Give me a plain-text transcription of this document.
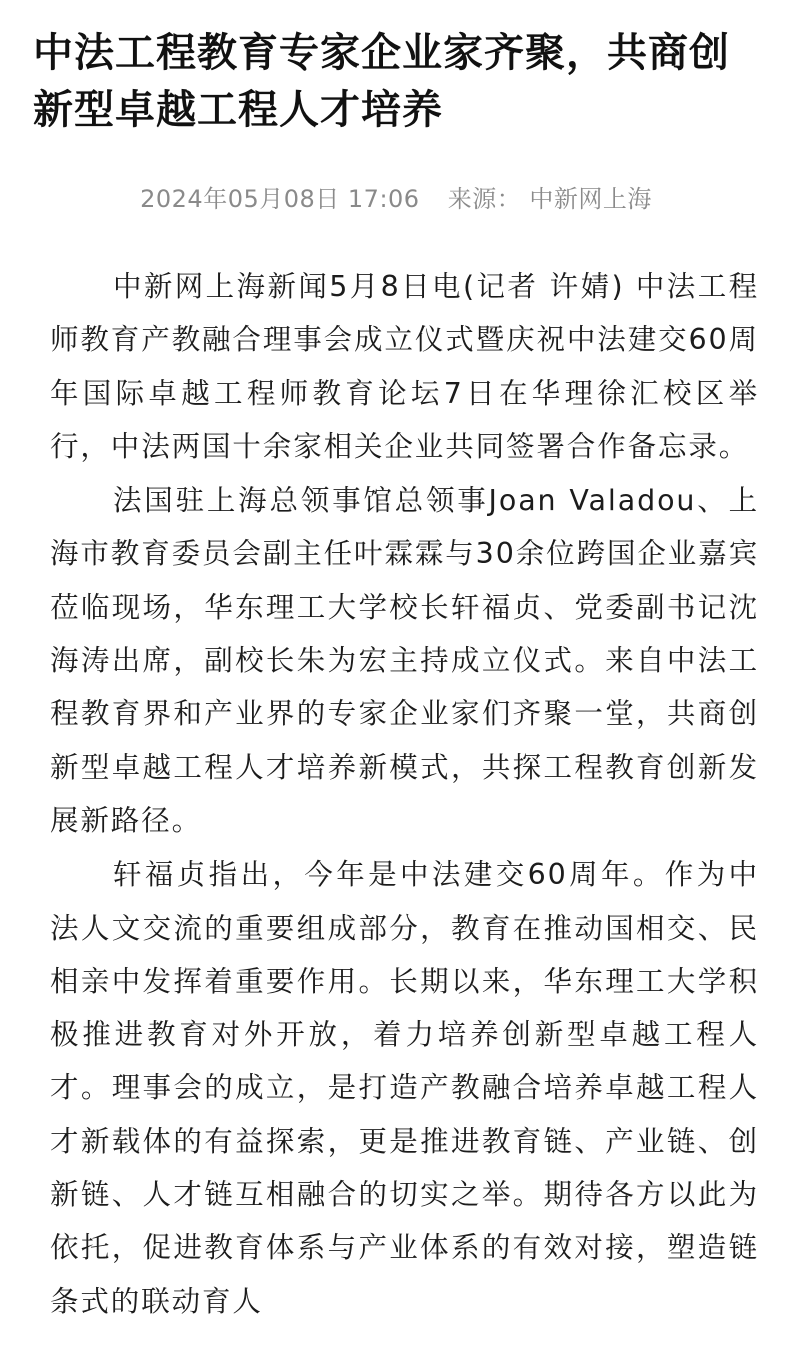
中法工程教育专家企业家齐聚，共商创新型卓越工程人才培养
2024年05月08日 17:06 来源： 中新网上海

中新网上海新闻5月8日电(记者 许婧) 中法工程师教育产教融合理事会成立仪式暨庆祝中法建交60周年国际卓越工程师教育论坛7日在华理徐汇校区举行，中法两国十余家相关企业共同签署合作备忘录。

法国驻上海总领事馆总领事Joan Valadou、上海市教育委员会副主任叶霖霖与30余位跨国企业嘉宾莅临现场，华东理工大学校长轩福贞、党委副书记沈海涛出席，副校长朱为宏主持成立仪式。来自中法工程教育界和产业界的专家企业家们齐聚一堂，共商创新型卓越工程人才培养新模式，共探工程教育创新发展新路径。

轩福贞指出，今年是中法建交60周年。作为中法人文交流的重要组成部分，教育在推动国相交、民相亲中发挥着重要作用。长期以来，华东理工大学积极推进教育对外开放，着力培养创新型卓越工程人才。理事会的成立，是打造产教融合培养卓越工程人才新载体的有益探索，更是推进教育链、产业链、创新链、人才链互相融合的切实之举。期待各方以此为依托，促进教育体系与产业体系的有效对接，塑造链条式的联动育人
